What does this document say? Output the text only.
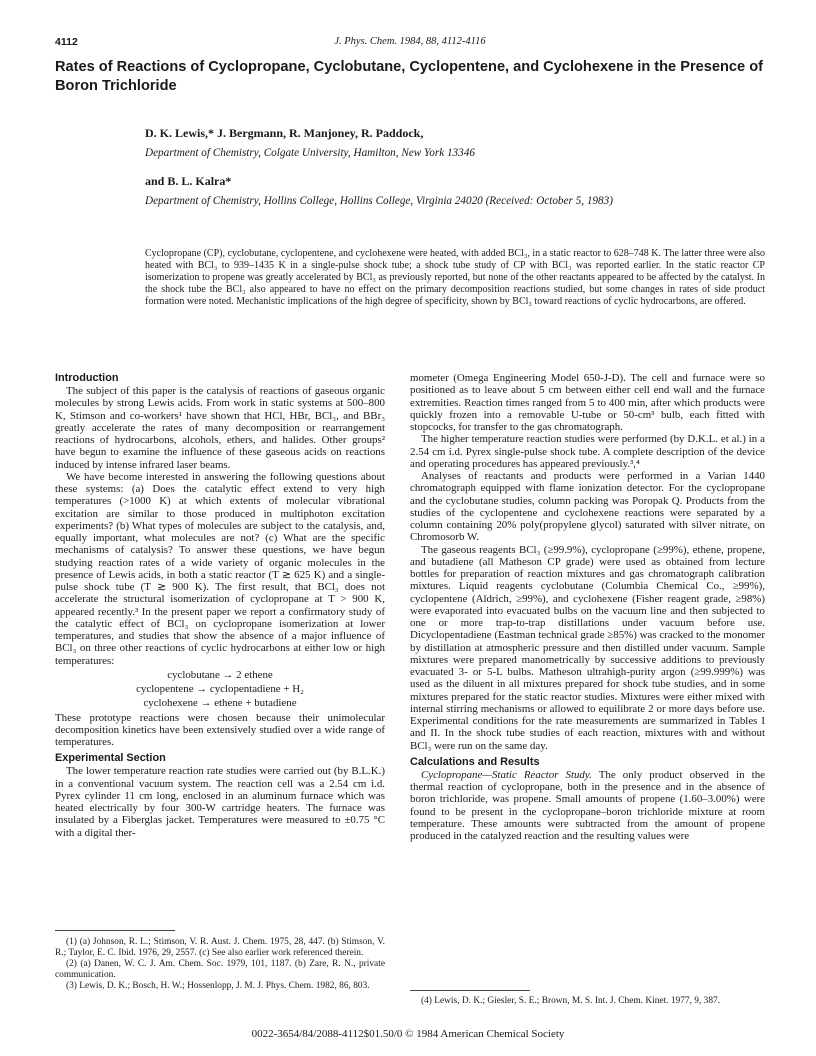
4112	J. Phys. Chem. 1984, 88, 4112-4116
Rates of Reactions of Cyclopropane, Cyclobutane, Cyclopentene, and Cyclohexene in the Presence of Boron Trichloride
D. K. Lewis,* J. Bergmann, R. Manjoney, R. Paddock,
Department of Chemistry, Colgate University, Hamilton, New York 13346
and B. L. Kalra*
Department of Chemistry, Hollins College, Hollins College, Virginia 24020 (Received: October 5, 1983)

Cyclopropane (CP), cyclobutane, cyclopentene, and cyclohexene were heated, with added BCl₃, in a static reactor to 628–748 K. The latter three were also heated with BCl₃ to 939–1435 K in a single-pulse shock tube; a shock tube study of CP with BCl₃ was reported earlier. In the static reactor CP isomerization to propene was greatly accelerated by BCl₃ as previously reported, but none of the other reactants appeared to be affected by the catalyst. In the shock tube the BCl₃ also appeared to have no effect on the primary decomposition reactions studied, but some changes in rates of side product formation were noted. Mechanistic implications of the high degree of specificity, shown by BCl₃ toward reactions of cyclic hydrocarbons, are offered.

Introduction

The subject of this paper is the catalysis of reactions of gaseous organic molecules by strong Lewis acids. From work in static systems at 500–800 K, Stimson and co-workers¹ have shown that HCl, HBr, BCl₃, and BBr₃ greatly accelerate the rates of many decomposition or rearrangement reactions of hydrocarbons, alcohols, ethers, and halides. Other groups² have begun to examine the influence of these gaseous acids on reactions induced by intense infrared laser beams.

We have become interested in answering the following questions about these systems: (a) Does the catalytic effect extend to very high temperatures (>1000 K) at which extents of molecular vibrational excitation are similar to those produced in multiphoton excitation experiments? (b) What types of molecules are subject to the catalysis, and, equally important, what molecules are not? (c) What are the specific mechanisms of catalysis? To answer these questions, we have begun studying reaction rates of a wide variety of organic molecules in the presence of Lewis acids, in both a static reactor (T ≳ 625 K) and a single-pulse shock tube (T ≳ 900 K). The first result, that BCl₃ does not accelerate the structural isomerization of cyclopropane at T > 900 K, appeared recently.³ In the present paper we report a confirmatory study of the catalytic effect of BCl₃ on cyclopropane isomerization at lower temperatures, and studies that show the absence of a major influence of BCl₃ on three other reactions of cyclic hydrocarbons at either low or high temperatures:

cyclobutane → 2 ethene
cyclopentene → cyclopentadiene + H₂
cyclohexene → ethene + butadiene

These prototype reactions were chosen because their unimolecular decomposition kinetics have been extensively studied over a wide range of temperatures.

Experimental Section

The lower temperature reaction rate studies were carried out (by B.L.K.) in a conventional vacuum system. The reaction cell was a 2.54 cm i.d. Pyrex cylinder 11 cm long, enclosed in an aluminum furnace which was heated electrically by four 300-W cartridge heaters. The furnace was insulated by a Fiberglas jacket. Temperatures were measured to ±0.75 °C with a digital ther-

(1) (a) Johnson, R. L.; Stimson, V. R. Aust. J. Chem. 1975, 28, 447. (b) Stimson, V. R.; Taylor, E. C. Ibid. 1976, 29, 2557. (c) See also earlier work referenced therein.

(2) (a) Danen, W. C. J. Am. Chem. Soc. 1979, 101, 1187. (b) Zare, R. N., private communication.

(3) Lewis, D. K.; Bosch, H. W.; Hossenlopp, J. M. J. Phys. Chem. 1982, 86, 803.

mometer (Omega Engineering Model 650-J-D). The cell and furnace were so positioned as to leave about 5 cm between either cell end wall and the furnace extremities. Reaction times ranged from 5 to 400 min, after which products were quickly frozen into a removable U-tube or 50-cm³ bulb, each fitted with stopcocks, for transfer to the gas chromatograph.

The higher temperature reaction studies were performed (by D.K.L. et al.) in a 2.54 cm i.d. Pyrex single-pulse shock tube. A complete description of the device and operating procedures has appeared previously.³,⁴

Analyses of reactants and products were performed in a Varian 1440 chromatograph equipped with flame ionization detector. For the cyclopropane and the cyclobutane studies, column packing was Poropak Q. Products from the studies of the cyclopentene and cyclohexene reactions were separated by a column containing 20% poly(propylene glycol) saturated with silver nitrate, on Chromosorb W.

The gaseous reagents BCl₃ (≥99.9%), cyclopropane (≥99%), ethene, propene, and butadiene (all Matheson CP grade) were used as obtained from lecture bottles for preparation of reaction mixtures and gas chromatograph calibration mixtures. Liquid reagents cyclobutane (Columbia Chemical Co., ≥99%), cyclopentene (Aldrich, ≥99%), and cyclohexene (Fisher reagent grade, ≥98%) were evaporated into evacuated bulbs on the vacuum line and then subjected to one or more trap-to-trap distillations under vacuum before use. Dicyclopentadiene (Eastman technical grade ≥85%) was cracked to the monomer by distillation at atmospheric pressure and then distilled under vacuum. Sample mixtures were prepared manometrically by successive additions to previously evacuated 3- or 5-L bulbs. Matheson ultrahigh-purity argon (≥99.999%) was used as the diluent in all mixtures prepared for shock tube studies, and in some mixtures prepared for the static reactor studies. Mixtures were either mixed with internal stirring mechanisms or allowed to equilibrate 2 or more days before use. Experimental conditions for the rate measurements are summarized in Tables I and II. In the shock tube studies of each reaction, mixtures with and without BCl₃ were run on the same day.

Calculations and Results

Cyclopropane—Static Reactor Study. The only product observed in the thermal reaction of cyclopropane, both in the presence and in the absence of boron trichloride, was propene. Small amounts of propene (1.60–3.00%) were found to be present in the cyclopropane–boron trichloride mixture at room temperature. These amounts were subtracted from the amount of propene produced in the catalyzed reaction and the resulting values were

(4) Lewis, D. K.; Giesler, S. E.; Brown, M. S. Int. J. Chem. Kinet. 1977, 9, 387.

0022-3654/84/2088-4112$01.50/0 © 1984 American Chemical Society
